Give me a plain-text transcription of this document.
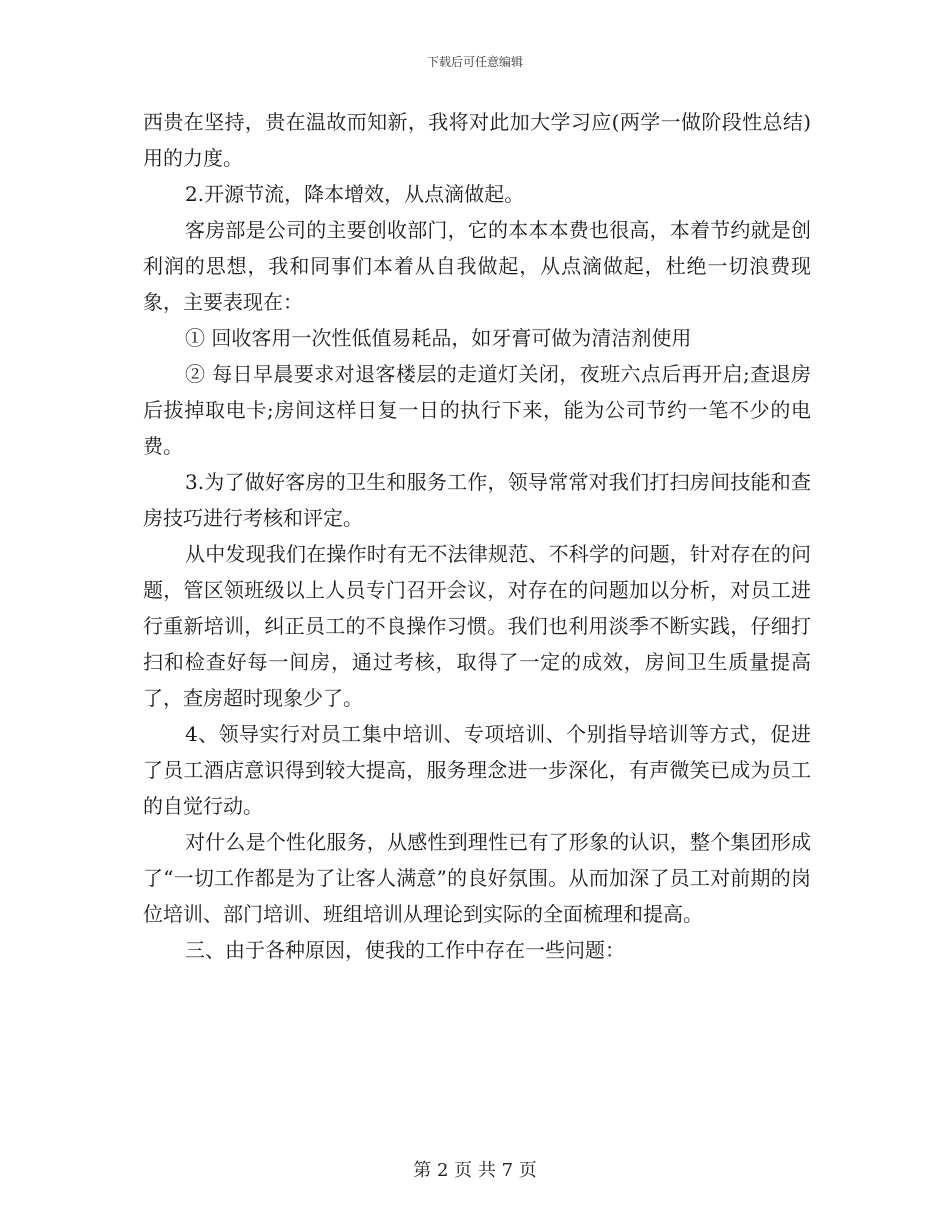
下载后可任意编辑

西贵在坚持，贵在温故而知新，我将对此加大学习应(两学一做阶段性总结)用的力度。

2.开源节流，降本增效，从点滴做起。

客房部是公司的主要创收部门，它的本本本费也很高，本着节约就是创利润的思想，我和同事们本着从自我做起，从点滴做起，杜绝一切浪费现象，主要表现在：

① 回收客用一次性低值易耗品，如牙膏可做为清洁剂使用

② 每日早晨要求对退客楼层的走道灯关闭，夜班六点后再开启;查退房后拔掉取电卡;房间这样日复一日的执行下来，能为公司节约一笔不少的电费。

3.为了做好客房的卫生和服务工作，领导常常对我们打扫房间技能和查房技巧进行考核和评定。

从中发现我们在操作时有无不法律规范、不科学的问题，针对存在的问题，管区领班级以上人员专门召开会议，对存在的问题加以分析，对员工进行重新培训，纠正员工的不良操作习惯。我们也利用淡季不断实践，仔细打扫和检查好每一间房，通过考核，取得了一定的成效，房间卫生质量提高了，查房超时现象少了。

4、领导实行对员工集中培训、专项培训、个别指导培训等方式，促进了员工酒店意识得到较大提高，服务理念进一步深化，有声微笑已成为员工的自觉行动。

对什么是个性化服务，从感性到理性已有了形象的认识，整个集团形成了“一切工作都是为了让客人满意”的良好氛围。从而加深了员工对前期的岗位培训、部门培训、班组培训从理论到实际的全面梳理和提高。

三、由于各种原因，使我的工作中存在一些问题：

第 2 页 共 7 页
